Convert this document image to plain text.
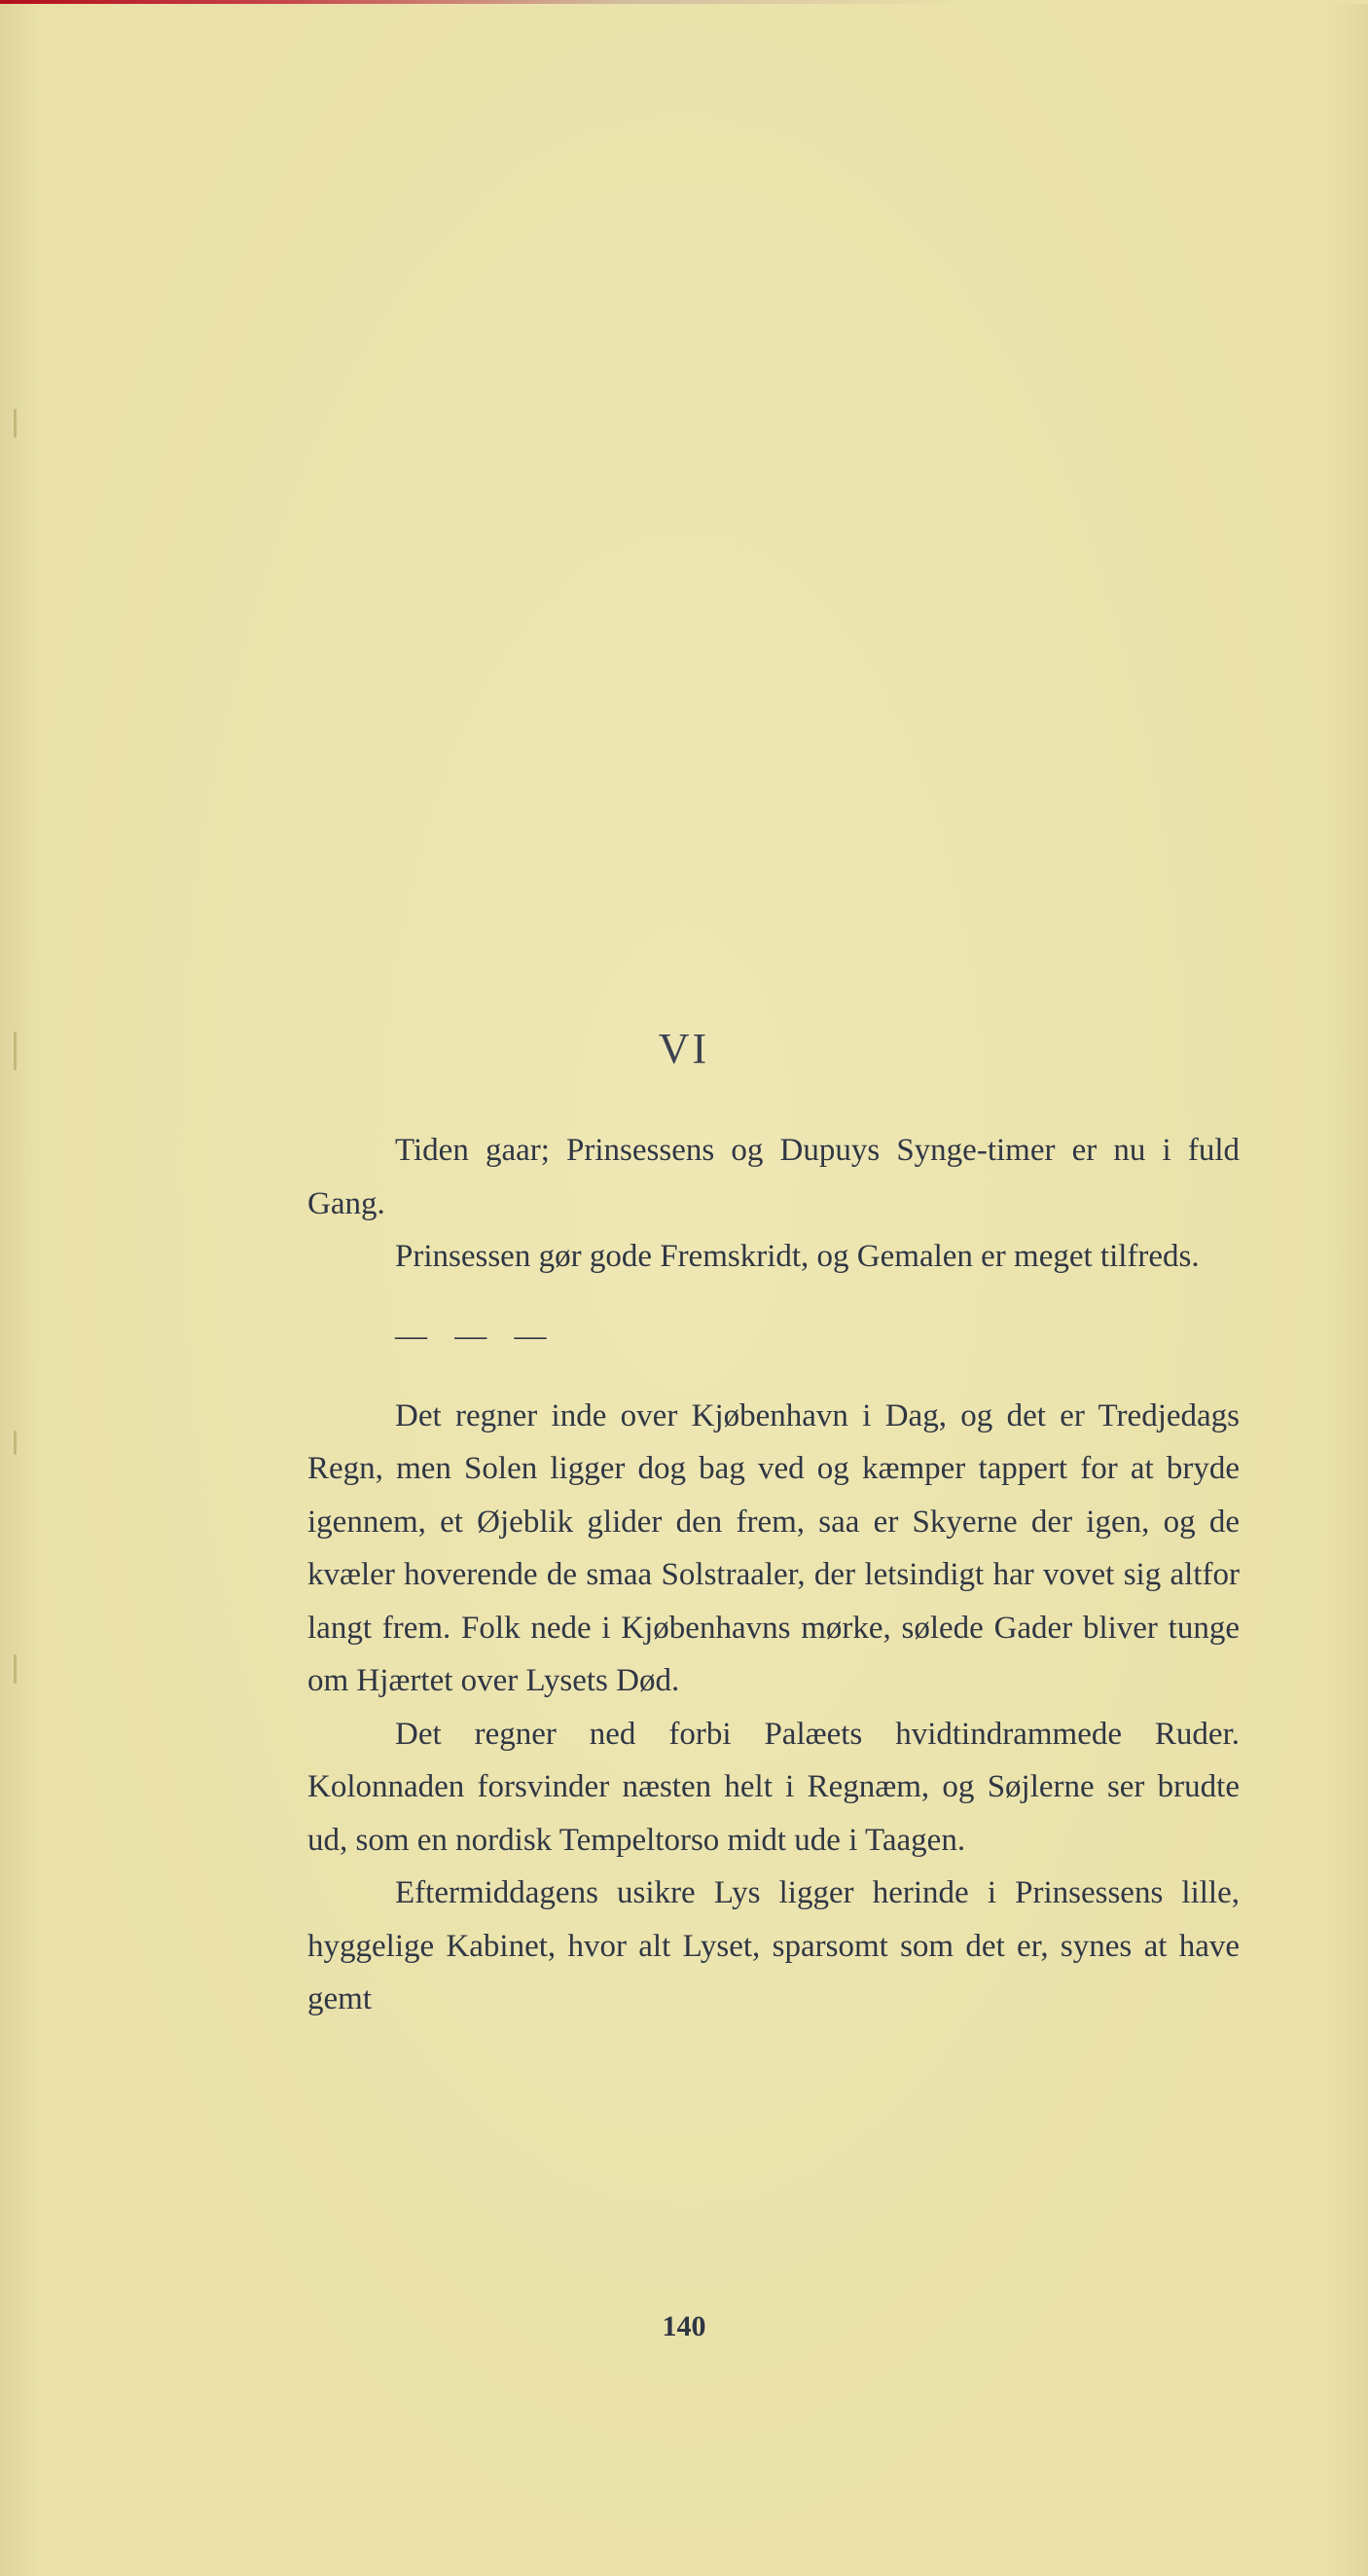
VI

Tiden gaar; Prinsessens og Dupuys Synge-timer er nu i fuld Gang.

Prinsessen gør gode Fremskridt, og Gemalen er meget tilfreds.

— — —

Det regner inde over Kjøbenhavn i Dag, og det er Tredjedags Regn, men Solen ligger dog bag ved og kæmper tappert for at bryde igennem, et Øjeblik glider den frem, saa er Skyerne der igen, og de kvæler hoverende de smaa Solstraaler, der letsindigt har vovet sig altfor langt frem. Folk nede i Kjøbenhavns mørke, sølede Gader bliver tunge om Hjærtet over Lysets Død.

Det regner ned forbi Palæets hvidtindrammede Ruder. Kolonnaden forsvinder næsten helt i Regnæm, og Søjlerne ser brudte ud, som en nordisk Tempeltorso midt ude i Taagen.

Eftermiddagens usikre Lys ligger herinde i Prinsessens lille, hyggelige Kabinet, hvor alt Lyset, sparsomt som det er, synes at have gemt

140
